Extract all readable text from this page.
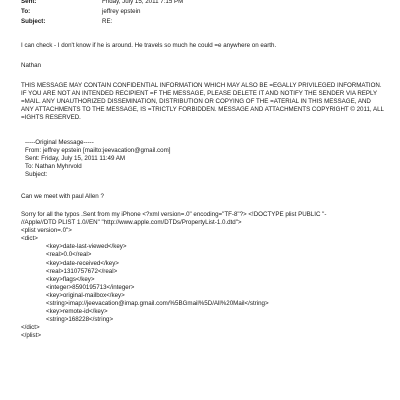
Sent:	Friday, July 15, 2011 7:15 PM
To:	jeffrey epstein
Subject:	RE:
I can check - I don't know if he is around. He travels so much he could =e anywhere on earth.
Nathan
THIS MESSAGE MAY CONTAIN CONFIDENTIAL INFORMATION WHICH MAY ALSO BE =EGALLY PRIVILEGED INFORMATION.
IF YOU ARE NOT AN INTENDED RECIPIENT =F THE MESSAGE, PLEASE DELETE IT AND NOTIFY THE SENDER VIA REPLY
=MAIL. ANY UNAUTHORIZED DISSEMINATION, DISTRIBUTION OR COPYING OF THE =ATERIAL IN THIS MESSAGE, AND
ANY ATTACHMENTS TO THE MESSAGE, IS =TRICTLY FORBIDDEN. MESSAGE AND ATTACHMENTS COPYRIGHT © 2011, ALL
=IGHTS RESERVED.
-----Original Message-----
From: jeffrey epstein [mailto:jeevacation@gmail.com]
Sent: Friday, July 15, 2011 11:49 AM
To: Nathan Myhrvold
Subject:
Can we meet with paul Allen ?
Sorry for all the typos .Sent from my iPhone <?xml version=.0" encoding="TF-8"?> <!DOCTYPE plist PUBLIC "-
//Apple//DTD PLIST 1.0//EN" "http://www.apple.com/DTDs/PropertyList-1.0.dtd">
<plist version=.0">
<dict>
<key>date-last-viewed</key>
<real>0.0</real>
<key>date-received</key>
<real>1310757672</real>
<key>flags</key>
<integer>8590195713</integer>
<key>original-mailbox</key>
<string>imap://jeevacation@imap.gmail.com/%5BGmail%5D/All%20Mail</string>
<key>remote-id</key>
<string>168228</string>
</dict>
</plist>
